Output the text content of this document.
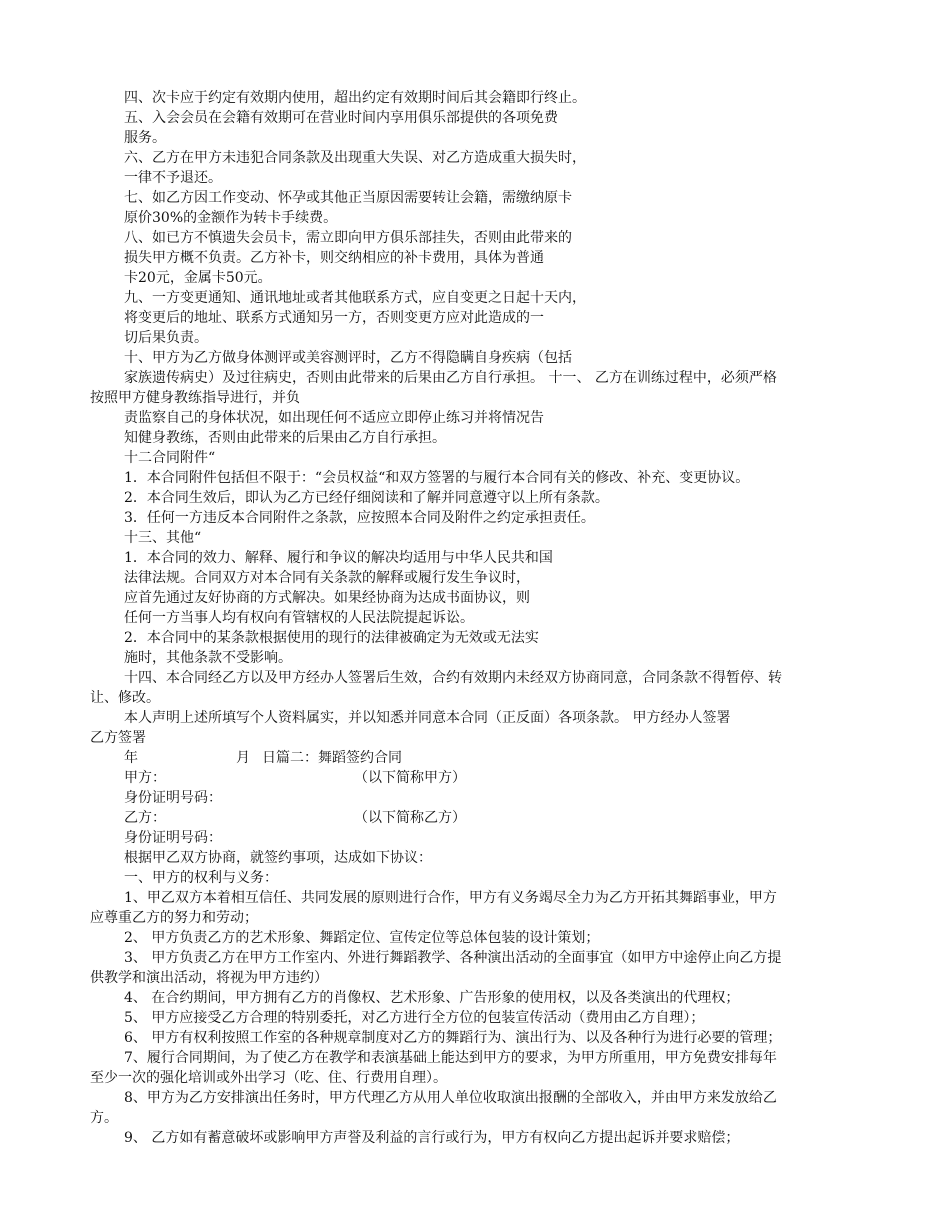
四、次卡应于约定有效期内使用，超出约定有效期时间后其会籍即行终止。
五、入会会员在会籍有效期可在营业时间内享用俱乐部提供的各项免费
服务。
六、乙方在甲方未违犯合同条款及出现重大失误、对乙方造成重大损失时，
一律不予退还。
七、如乙方因工作变动、怀孕或其他正当原因需要转让会籍，需缴纳原卡
原价30%的金额作为转卡手续费。
八、如已方不慎遗失会员卡，需立即向甲方俱乐部挂失，否则由此带来的
损失甲方概不负责。乙方补卡，则交纳相应的补卡费用，具体为普通
卡20元，金属卡50元。
九、一方变更通知、通讯地址或者其他联系方式，应自变更之日起十天内，
将变更后的地址、联系方式通知另一方，否则变更方应对此造成的一
切后果负责。
十、甲方为乙方做身体测评或美容测评时，乙方不得隐瞒自身疾病（包括
家族遗传病史）及过往病史，否则由此带来的后果由乙方自行承担。 十一、 乙方在训练过程中，必须严格
按照甲方健身教练指导进行，并负
责监察自己的身体状况，如出现任何不适应立即停止练习并将情况告
知健身教练，否则由此带来的后果由乙方自行承担。
十二合同附件“
1．本合同附件包括但不限于：“会员权益“和双方签署的与履行本合同有关的修改、补充、变更协议。
2．本合同生效后，即认为乙方已经仔细阅读和了解并同意遵守以上所有条款。
3．任何一方违反本合同附件之条款，应按照本合同及附件之约定承担责任。
十三、其他“
1．本合同的效力、解释、履行和争议的解决均适用与中华人民共和国
法律法规。合同双方对本合同有关条款的解释或履行发生争议时，
应首先通过友好协商的方式解决。如果经协商为达成书面协议，则
任何一方当事人均有权向有管辖权的人民法院提起诉讼。
2．本合同中的某条款根据使用的现行的法律被确定为无效或无法实
施时，其他条款不受影响。
十四、本合同经乙方以及甲方经办人签署后生效，合约有效期内未经双方协商同意，合同条款不得暂停、转
让、修改。
本人声明上述所填写个人资料属实，并以知悉并同意本合同（正反面）各项条款。 甲方经办人签署
乙方签署
年	月 日篇二：舞蹈签约合同
甲方：	（以下简称甲方）
身份证明号码：
乙方：	（以下简称乙方）
身份证明号码：
根据甲乙双方协商，就签约事项，达成如下协议：
一、甲方的权利与义务：
1、甲乙双方本着相互信任、共同发展的原则进行合作，甲方有义务竭尽全力为乙方开拓其舞蹈事业，甲方
应尊重乙方的努力和劳动；
2、 甲方负责乙方的艺术形象、舞蹈定位、宣传定位等总体包装的设计策划；
3、 甲方负责乙方在甲方工作室内、外进行舞蹈教学、各种演出活动的全面事宜（如甲方中途停止向乙方提
供教学和演出活动，将视为甲方违约）
4、 在合约期间，甲方拥有乙方的肖像权、艺术形象、广告形象的使用权，以及各类演出的代理权；
5、 甲方应接受乙方合理的特别委托，对乙方进行全方位的包装宣传活动（费用由乙方自理）；
6、 甲方有权利按照工作室的各种规章制度对乙方的舞蹈行为、演出行为、以及各种行为进行必要的管理；
7、履行合同期间，为了使乙方在教学和表演基础上能达到甲方的要求，为甲方所重用，甲方免费安排每年
至少一次的强化培训或外出学习（吃、住、行费用自理）。
8、甲方为乙方安排演出任务时，甲方代理乙方从用人单位收取演出报酬的全部收入，并由甲方来发放给乙
方。
9、 乙方如有蓄意破坏或影响甲方声誉及利益的言行或行为，甲方有权向乙方提出起诉并要求赔偿；
